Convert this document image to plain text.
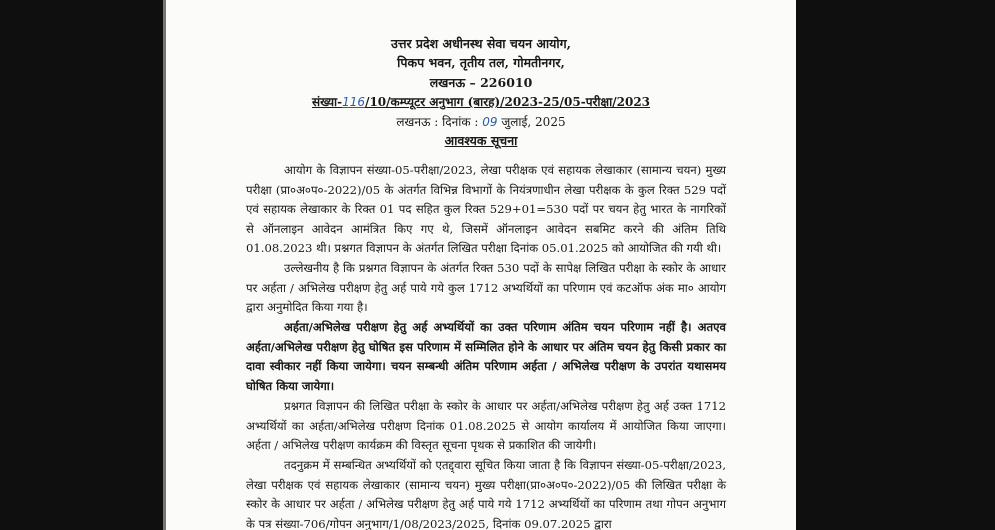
उत्तर प्रदेश अधीनस्थ सेवा चयन आयोग,
पिकप भवन, तृतीय तल, गोमतीनगर,
लखनऊ – 226010
संख्या-116/10/कम्प्यूटर अनुभाग (बारह)/2023-25/05-परीक्षा/2023
लखनऊ : दिनांक : 09 जुलाई, 2025
आवश्यक सूचना

आयोग के विज्ञापन संख्या-05-परीक्षा/2023, लेखा परीक्षक एवं सहायक लेखाकार (सामान्य चयन) मुख्य परीक्षा (प्रा०अ०प०-2022)/05 के अंतर्गत विभिन्न विभागों के नियंत्रणाधीन लेखा परीक्षक के कुल रिक्त 529 पदों एवं सहायक लेखाकार के रिक्त 01 पद सहित कुल रिक्त 529+01=530 पदों पर चयन हेतु भारत के नागरिकों से ऑनलाइन आवेदन आमंत्रित किए गए थे, जिसमें ऑनलाइन आवेदन सबमिट करने की अंतिम तिथि 01.08.2023 थी। प्रश्नगत विज्ञापन के अंतर्गत लिखित परीक्षा दिनांक 05.01.2025 को आयोजित की गयी थी।

उल्लेखनीय है कि प्रश्नगत विज्ञापन के अंतर्गत रिक्त 530 पदों के सापेक्ष लिखित परीक्षा के स्कोर के आधार पर अर्हता / अभिलेख परीक्षण हेतु अर्ह पाये गये कुल 1712 अभ्यर्थियों का परिणाम एवं कटऑफ अंक मा० आयोग द्वारा अनुमोदित किया गया है।

अर्हता/अभिलेख परीक्षण हेतु अर्ह अभ्यर्थियों का उक्त परिणाम अंतिम चयन परिणाम नहीं है। अतएव अर्हता/अभिलेख परीक्षण हेतु घोषित इस परिणाम में सम्मिलित होने के आधार पर अंतिम चयन हेतु किसी प्रकार का दावा स्वीकार नहीं किया जायेगा। चयन सम्बन्धी अंतिम परिणाम अर्हता / अभिलेख परीक्षण के उपरांत यथासमय घोषित किया जायेगा।

प्रश्नगत विज्ञापन की लिखित परीक्षा के स्कोर के आधार पर अर्हता/अभिलेख परीक्षण हेतु अर्ह उक्त 1712 अभ्यर्थियों का अर्हता/अभिलेख परीक्षण दिनांक 01.08.2025 से आयोग कार्यालय में आयोजित किया जाएगा। अर्हता / अभिलेख परीक्षण कार्यक्रम की विस्तृत सूचना पृथक से प्रकाशित की जायेगी।

तदनुक्रम में सम्बन्धित अभ्यर्थियों को एतद्द्वारा सूचित किया जाता है कि विज्ञापन संख्या-05-परीक्षा/2023, लेखा परीक्षक एवं सहायक लेखाकार (सामान्य चयन) मुख्य परीक्षा(प्रा०अ०प०-2022)/05 की लिखित परीक्षा के स्कोर के आधार पर अर्हता / अभिलेख परीक्षण हेतु अर्ह पाये गये 1712 अभ्यर्थियों का परिणाम तथा गोपन अनुभाग के पत्र संख्या-706/गोपन अनुभाग/1/08/2023/2025, दिनांक 09.07.2025 द्वारा
